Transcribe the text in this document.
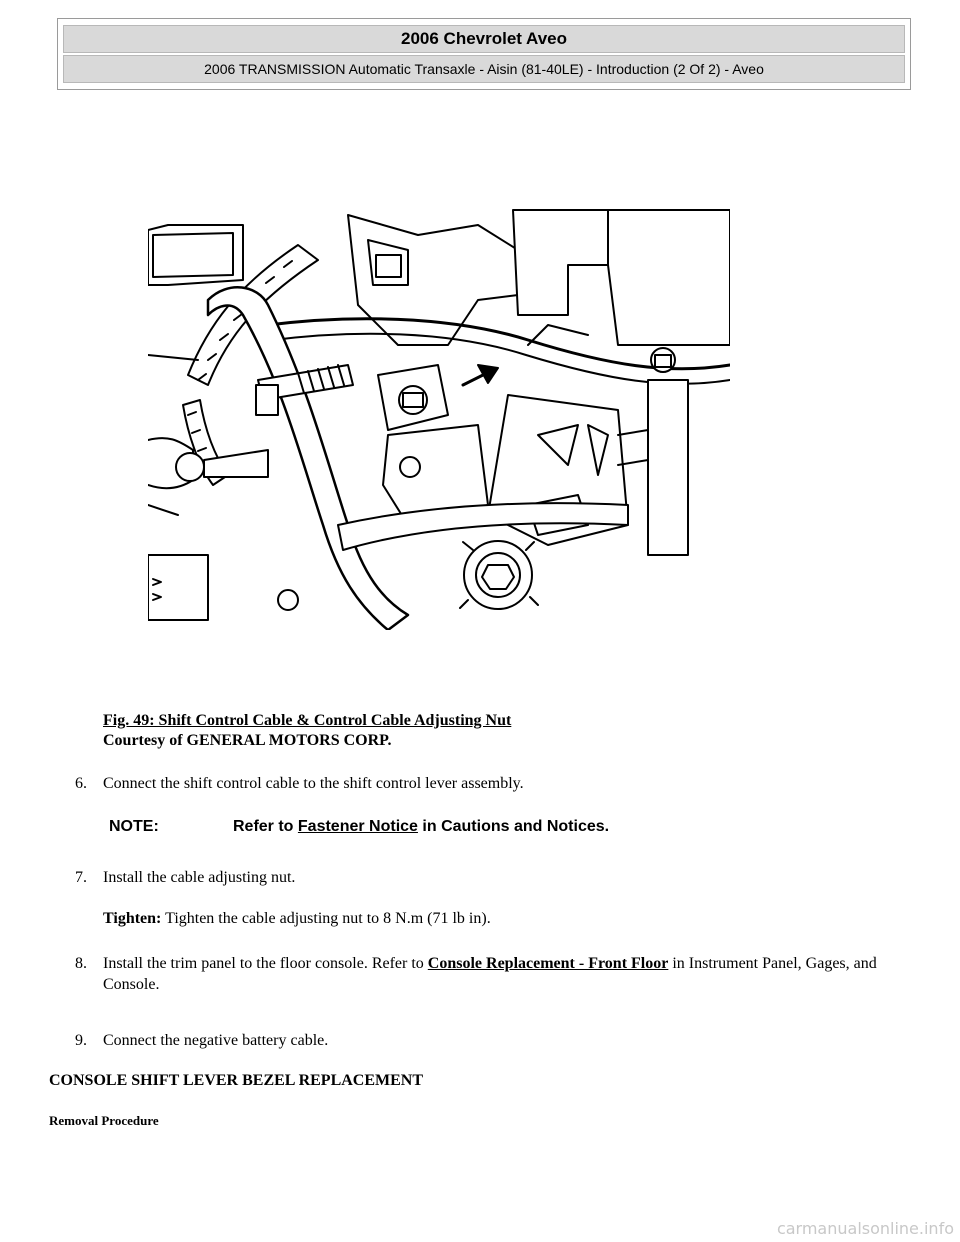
2006 Chevrolet Aveo
2006 TRANSMISSION Automatic Transaxle - Aisin (81-40LE) - Introduction (2 Of 2) - Aveo
Fig. 49: Shift Control Cable & Control Cable Adjusting Nut
Courtesy of GENERAL MOTORS CORP.
6. Connect the shift control cable to the shift control lever assembly.
NOTE:	Refer to Fastener Notice in Cautions and Notices.
7. Install the cable adjusting nut.
Tighten: Tighten the cable adjusting nut to 8 N.m (71 lb in).
8. Install the trim panel to the floor console. Refer to Console Replacement - Front Floor in Instrument Panel, Gages, and Console.
9. Connect the negative battery cable.
CONSOLE SHIFT LEVER BEZEL REPLACEMENT
Removal Procedure
carmanualsonline.info
